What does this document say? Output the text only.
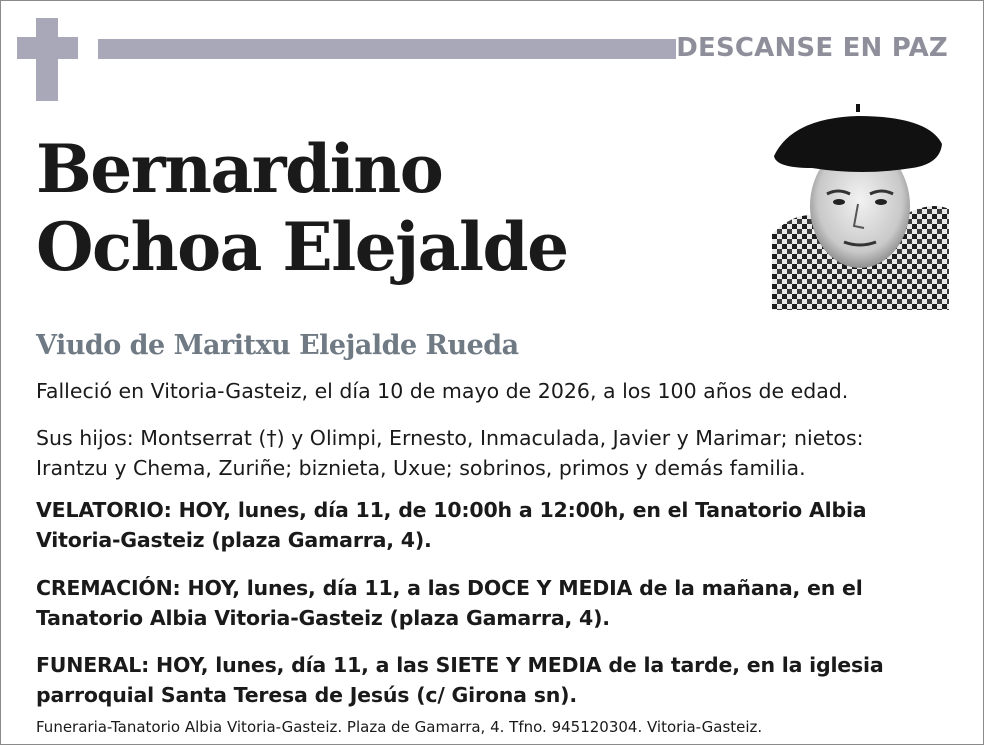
DESCANSE EN PAZ
Bernardino
Ochoa Elejalde
Viudo de Maritxu Elejalde Rueda

Falleció en Vitoria-Gasteiz, el día 10 de mayo de 2026, a los 100 años de edad.

Sus hijos: Montserrat (†) y Olimpi, Ernesto, Inmaculada, Javier y Marimar; nietos:
Irantzu y Chema, Zuriñe; biznieta, Uxue; sobrinos, primos y demás familia.

VELATORIO: HOY, lunes, día 11, de 10:00h a 12:00h, en el Tanatorio Albia
Vitoria-Gasteiz (plaza Gamarra, 4).

CREMACIÓN: HOY, lunes, día 11, a las DOCE Y MEDIA de la mañana, en el
Tanatorio Albia Vitoria-Gasteiz (plaza Gamarra, 4).

FUNERAL: HOY, lunes, día 11, a las SIETE Y MEDIA de la tarde, en la iglesia
parroquial Santa Teresa de Jesús (c/ Girona sn).

Funeraria-Tanatorio Albia Vitoria-Gasteiz. Plaza de Gamarra, 4. Tfno. 945120304. Vitoria-Gasteiz.
